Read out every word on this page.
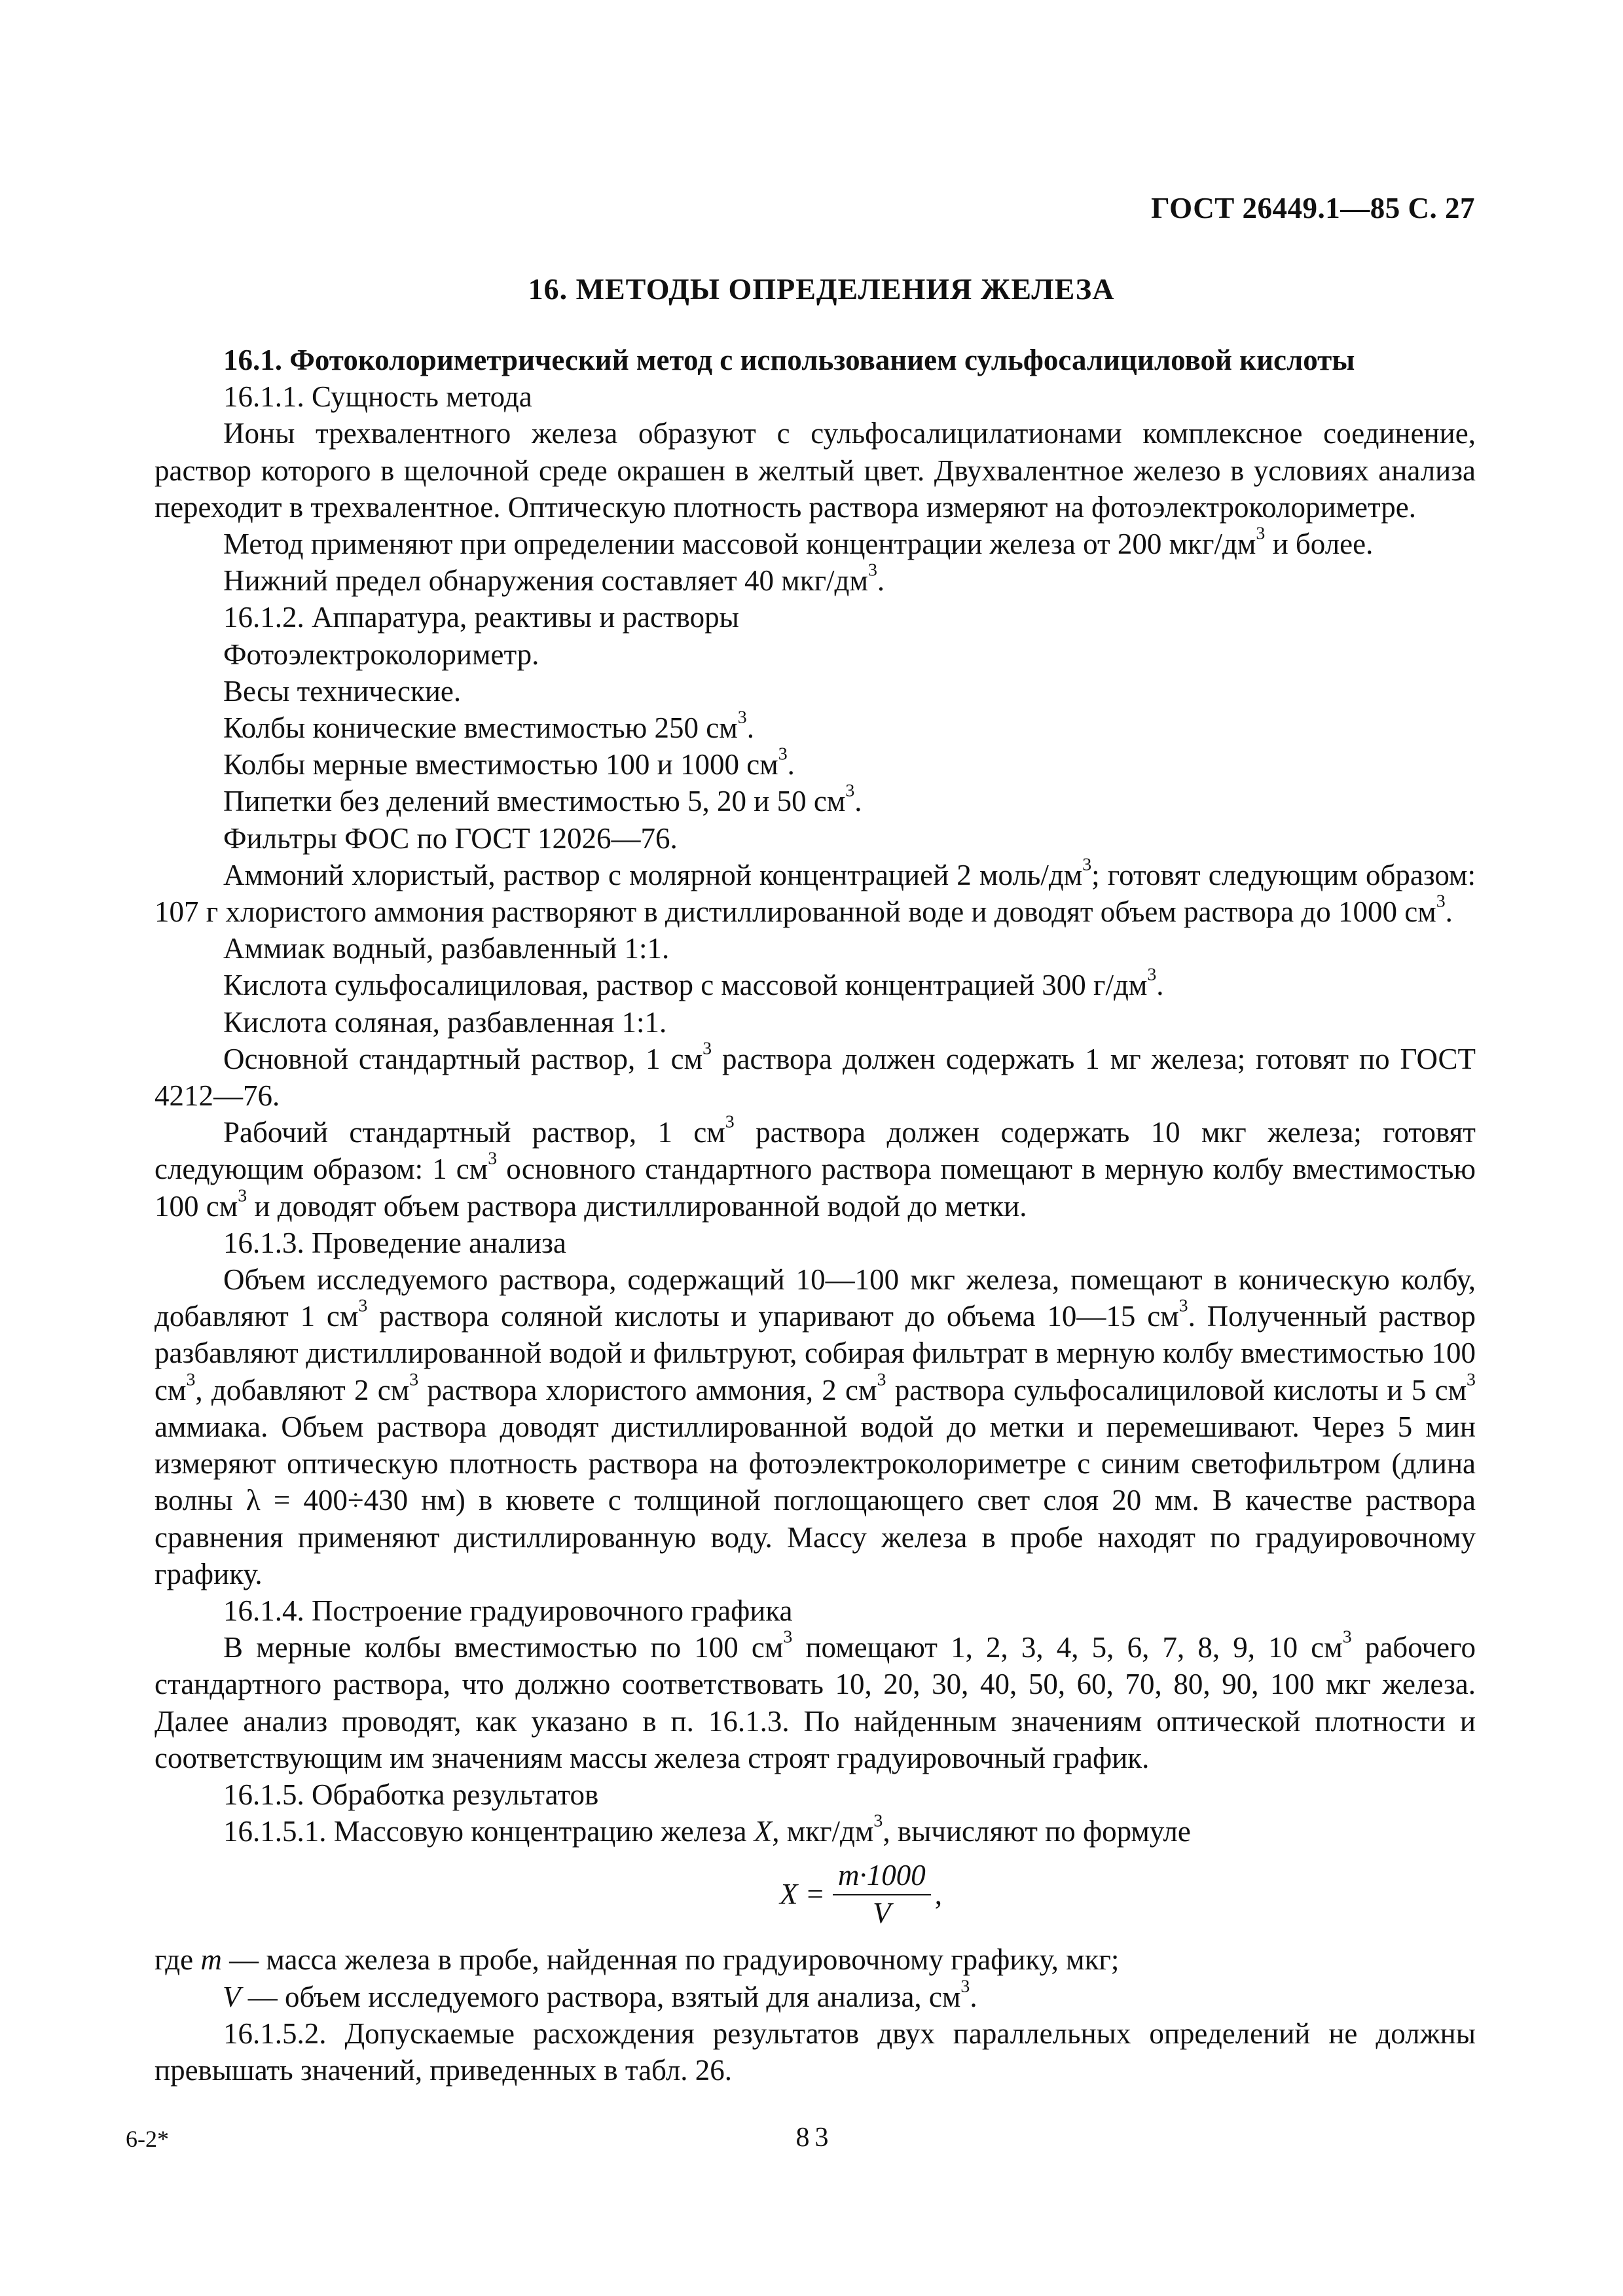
ГОСТ 26449.1—85 С. 27

16. МЕТОДЫ ОПРЕДЕЛЕНИЯ ЖЕЛЕЗА

16.1. Фотоколориметрический метод с использованием сульфосалициловой кислоты

16.1.1. Сущность метода

Ионы трехвалентного железа образуют с сульфосалицилатионами комплексное соединение, раствор которого в щелочной среде окрашен в желтый цвет. Двухвалентное железо в условиях анализа переходит в трехвалентное. Оптическую плотность раствора измеряют на фотоэлектроколориметре.

Метод применяют при определении массовой концентрации железа от 200 мкг/$дм^3$ и более.

Нижний предел обнаружения составляет 40 мкг/$дм^3$.

16.1.2. Аппаратура, реактивы и растворы

Фотоэлектроколориметр.

Весы технические.

Колбы конические вместимостью 250 $см^3$.

Колбы мерные вместимостью 100 и 1000 $см^3$.

Пипетки без делений вместимостью 5, 20 и 50 $см^3$.

Фильтры ФОС по ГОСТ 12026—76.

Аммоний хлористый, раствор с молярной концентрацией 2 моль/$дм^3$; готовят следующим образом: 107 г хлористого аммония растворяют в дистиллированной воде и доводят объем раствора до 1000 $см^3$.

Аммиак водный, разбавленный 1:1.

Кислота сульфосалициловая, раствор с массовой концентрацией 300 $г/дм^3$.

Кислота соляная, разбавленная 1:1.

Основной стандартный раствор, 1 $см^3$ раствора должен содержать 1 мг железа; готовят по ГОСТ 4212—76.

Рабочий стандартный раствор, 1 $см^3$ раствора должен содержать 10 мкг железа; готовят следующим образом: 1 $см^3$ основного стандартного раствора помещают в мерную колбу вместимостью 100 $см^3$ и доводят объем раствора дистиллированной водой до метки.

16.1.3. Проведение анализа

Объем исследуемого раствора, содержащий 10—100 мкг железа, помещают в коническую колбу, добавляют 1 $см^3$ раствора соляной кислоты и упаривают до объема 10—15 $см^3$. Полученный раствор разбавляют дистиллированной водой и фильтруют, собирая фильтрат в мерную колбу вместимостью 100 $см^3$, добавляют 2 $см^3$ раствора хлористого аммония, 2 $см^3$ раствора сульфосалициловой кислоты и 5 $см^3$ аммиака. Объем раствора доводят дистиллированной водой до метки и перемешивают. Через 5 мин измеряют оптическую плотность раствора на фотоэлектроколориметре с синим светофильтром (длина волны λ = 400÷430 нм) в кювете с толщиной поглощающего свет слоя 20 мм. В качестве раствора сравнения применяют дистиллированную воду. Массу железа в пробе находят по градуировочному графику.

16.1.4. Построение градуировочного графика

В мерные колбы вместимостью по 100 $см^3$ помещают 1, 2, 3, 4, 5, 6, 7, 8, 9, 10 $см^3$ рабочего стандартного раствора, что должно соответствовать 10, 20, 30, 40, 50, 60, 70, 80, 90, 100 мкг железа. Далее анализ проводят, как указано в п. 16.1.3. По найденным значениям оптической плотности и соответствующим им значениям массы железа строят градуировочный график.

16.1.5. Обработка результатов

16.1.5.1. Массовую концентрацию железа X, мкг/$дм^3$, вычисляют по формуле

$X = \frac{m\cdot 1000}{V}$ ,

где m — масса железа в пробе, найденная по градуировочному графику, мкг;

V — объем исследуемого раствора, взятый для анализа, $см^3$.

16.1.5.2. Допускаемые расхождения результатов двух параллельных определений не должны превышать значений, приведенных в табл. 26.

6-2*	83
